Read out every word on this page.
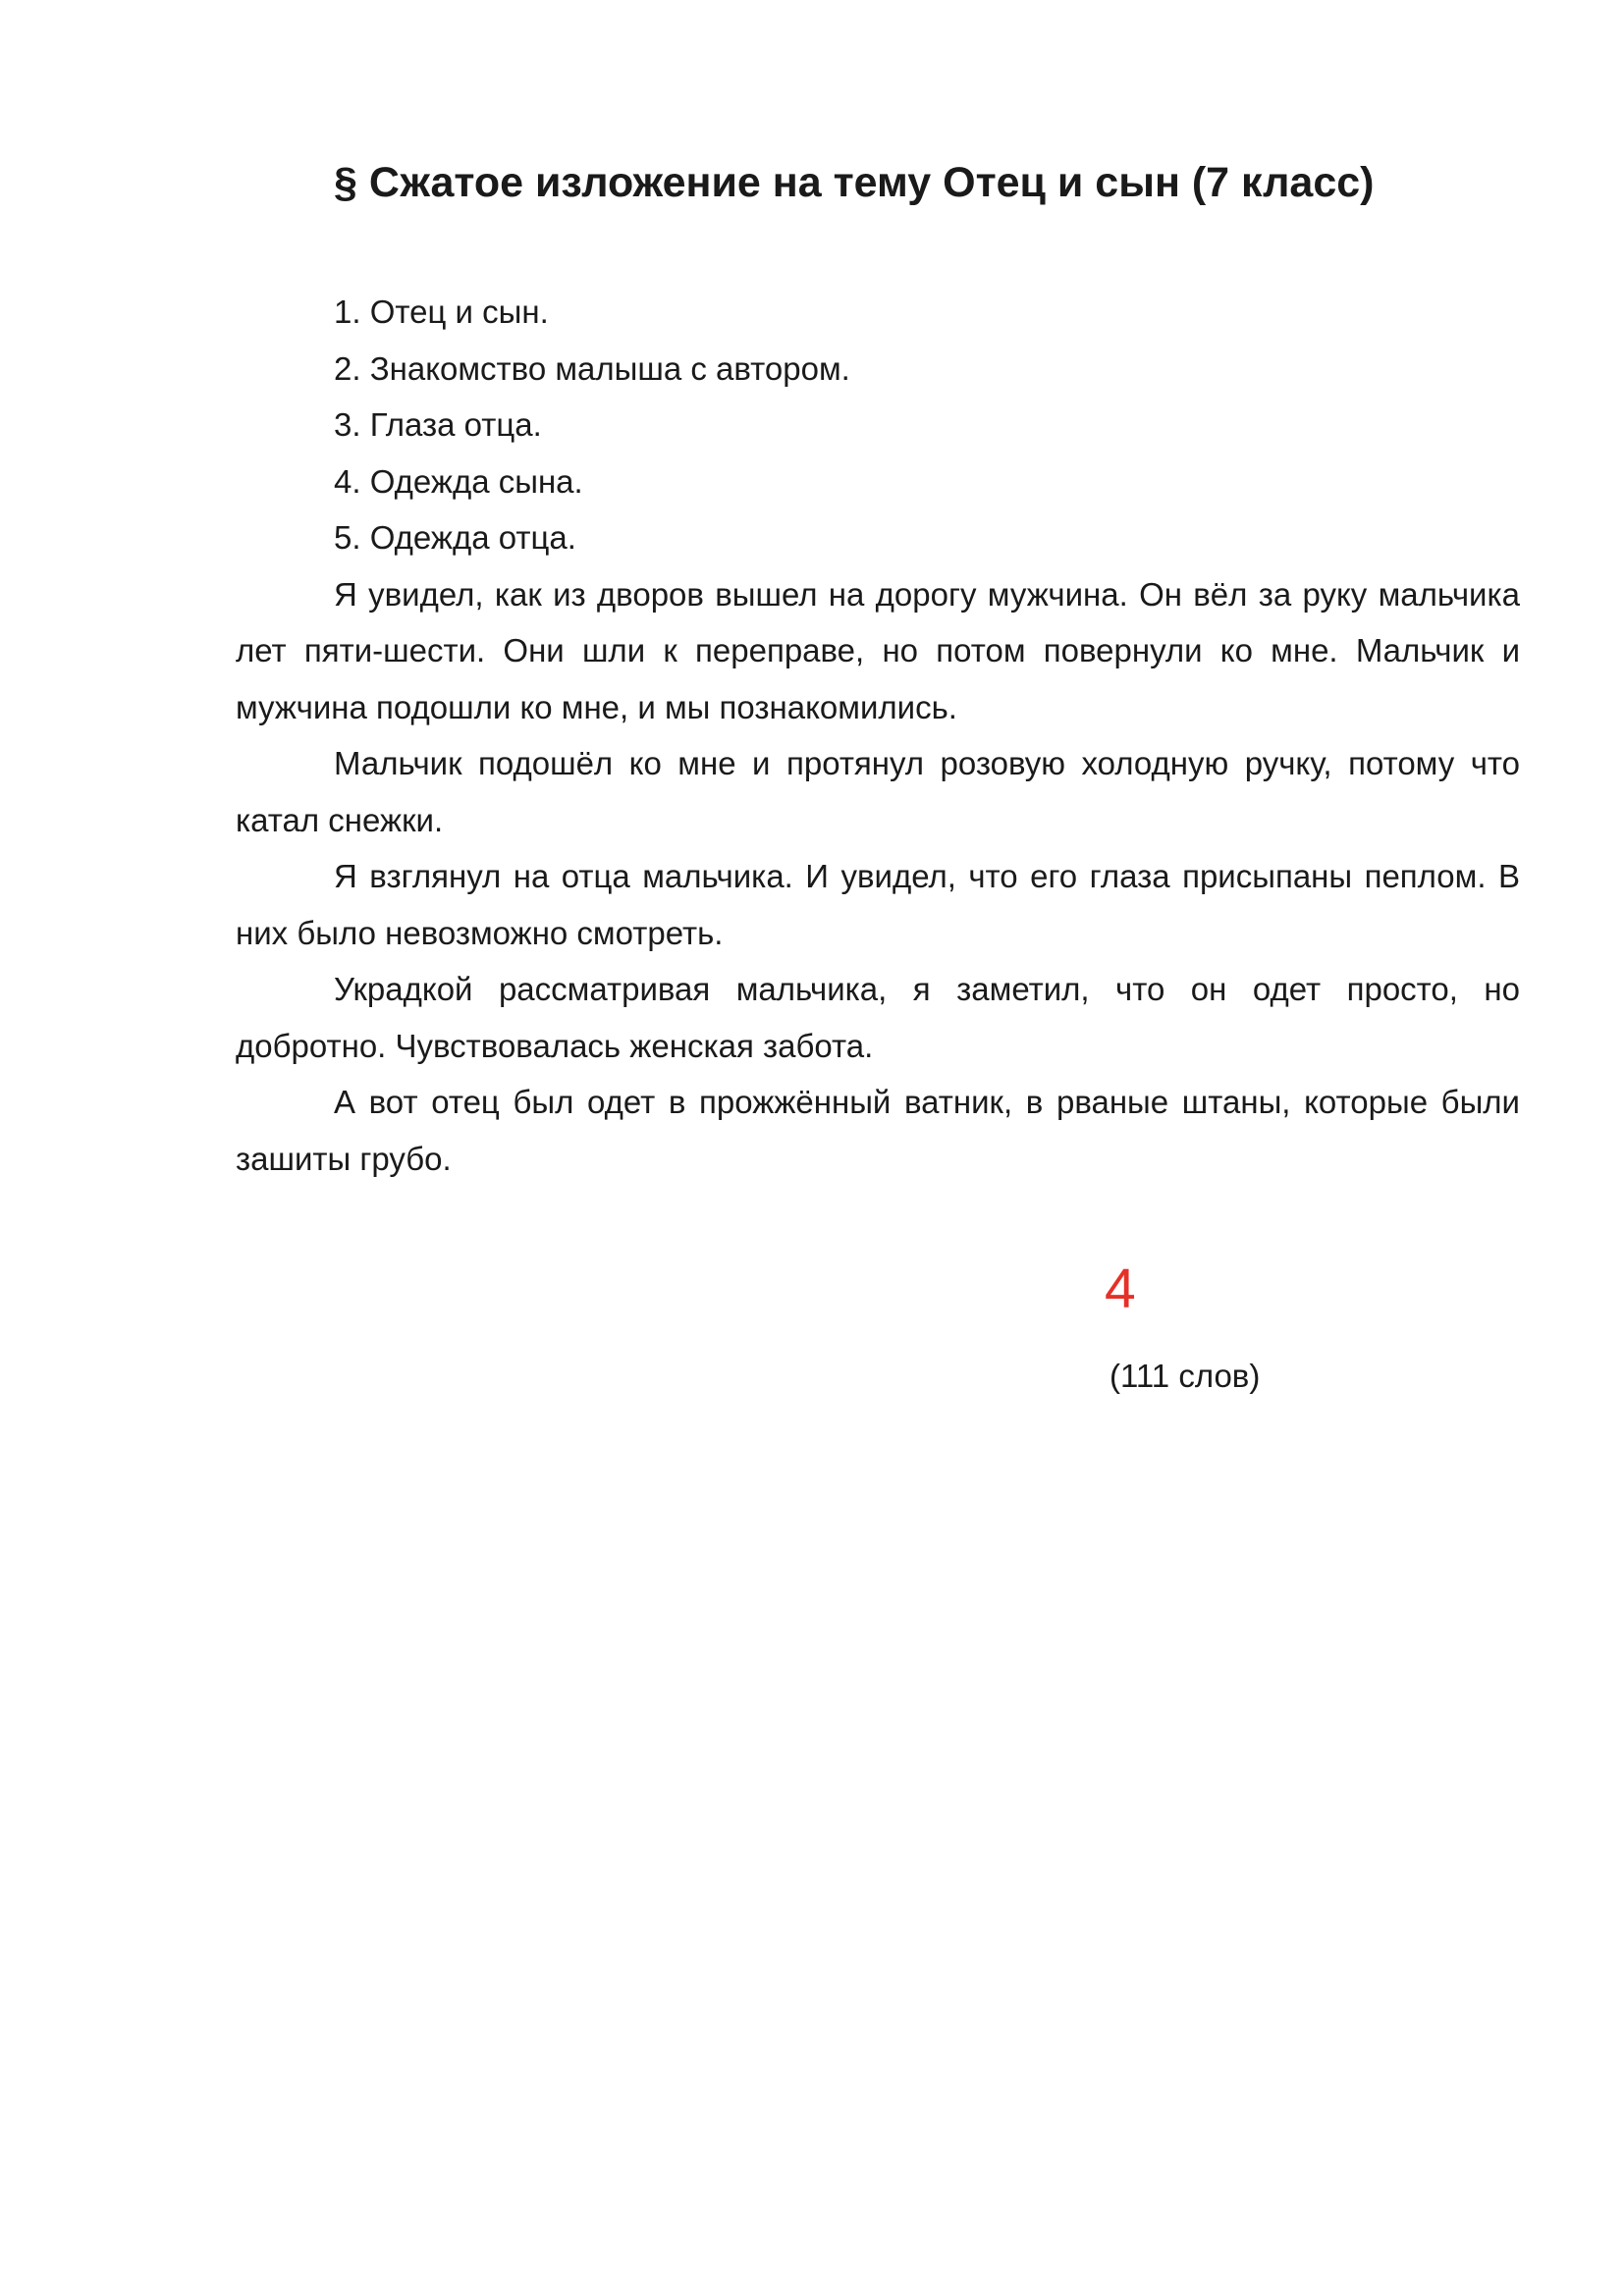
§ Сжатое изложение на тему Отец и сын (7 класс)

1. Отец и сын.

2. Знакомство малыша с автором.

3. Глаза отца.

4. Одежда сына.

5. Одежда отца.

Я увидел, как из дворов вышел на дорогу мужчина. Он вёл за руку мальчика лет пяти-шести. Они шли к переправе, но потом повернули ко мне. Мальчик и мужчина подошли ко мне, и мы познакомились.

Мальчик подошёл ко мне и протянул розовую холодную ручку, потому что катал снежки.

Я взглянул на отца мальчика. И увидел, что его глаза присыпаны пеплом. В них было невозможно смотреть.

Украдкой рассматривая мальчика, я заметил, что он одет просто, но добротно. Чувствовалась женская забота.

А вот отец был одет в прожжённый ватник, в рваные штаны, которые были зашиты грубо.

4
(111 слов)
